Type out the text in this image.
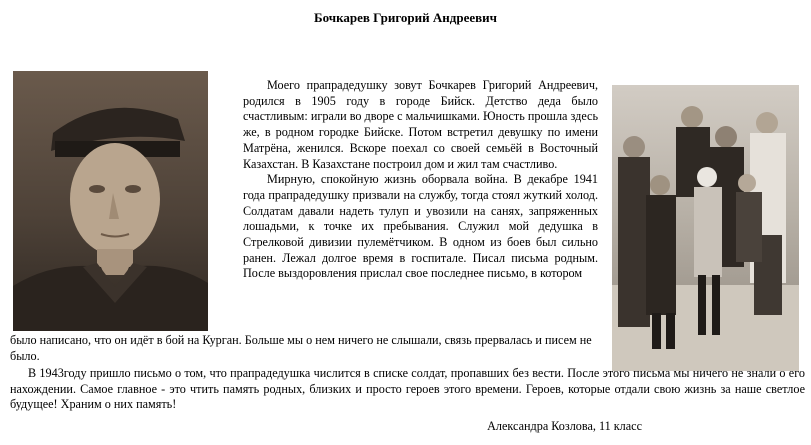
Бочкарев Григорий Андреевич

Моего прапрадедушку зовут Бочкарев Григорий Андреевич, родился в 1905 году в городе Бийск. Детство деда было счастливым: играли во дворе с мальчишками. Юность прошла здесь же, в родном городке Бийске. Потом встретил девушку по имени Матрёна, женился. Вскоре поехал со своей семьёй в Восточный Казахстан. В Казахстане построил дом и жил там счастливо.

Мирную, спокойную жизнь оборвала война. В декабре 1941 года прапрадедушку призвали на службу, тогда стоял жуткий холод. Солдатам давали надеть тулуп и увозили на санях, запряженных лошадьми, к точке их пребывания. Служил мой дедушка в Стрелковой дивизии пулемётчиком. В одном из боев был сильно ранен. Лежал долгое время в госпитале. Писал письма родным. После выздоровления прислал свое последнее письмо, в котором

было написано, что он идёт в бой на Курган. Больше мы о нем ничего не слышали, связь прервалась и писем не было.

В 1943году пришло письмо о том, что прапрадедушка числится в списке солдат, пропавших без вести. После этого письма мы ничего не знали о его нахождении. Самое главное - это чтить память родных, близких и просто героев этого времени. Героев, которые отдали свою жизнь за наше светлое будущее! Храним о них память!

Александра Козлова, 11 класс
